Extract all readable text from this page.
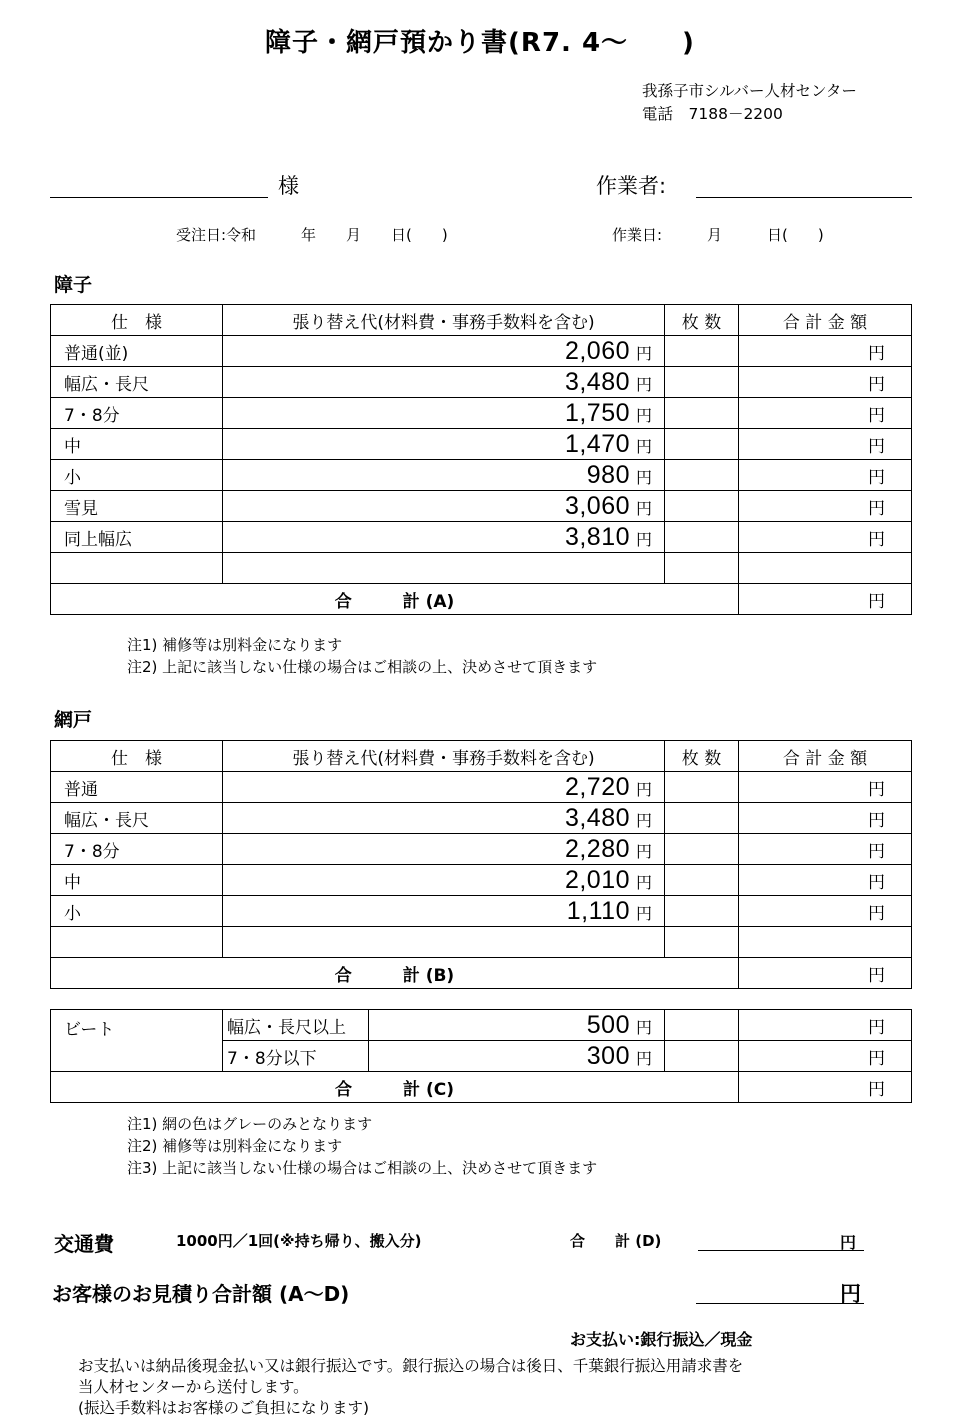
障子・網戸預かり書(R7. 4～　　)
我孫子市シルバー人材センター
電話　7188－2200
様	作業者:
受注日:令和　　　年　　月　　日(　　)	作業日:　　　月　　　日(　　)
障子
仕　様	張り替え代(材料費・事務手数料を含む)	枚 数	合 計 金 額
普通(並)	2,060 円		円
幅広・長尺	3,480 円		円
7・8分	1,750 円		円
中	1,470 円		円
小	980 円		円
雪見	3,060 円		円
同上幅広	3,810 円		円

合　　　計 (A)			円
注1) 補修等は別料金になります
注2) 上記に該当しない仕様の場合はご相談の上、決めさせて頂きます
網戸
仕　様	張り替え代(材料費・事務手数料を含む)	枚 数	合 計 金 額
普通	2,720 円		円
幅広・長尺	3,480 円		円
7・8分	2,280 円		円
中	2,010 円		円
小	1,110 円		円

合　　　計 (B)			円
ビート	幅広・長尺以上	500 円		円
	7・8分以下	300 円		円
合　　　計 (C)				円
注1) 網の色はグレーのみとなります
注2) 補修等は別料金になります
注3) 上記に該当しない仕様の場合はご相談の上、決めさせて頂きます
交通費	1000円／1回(※持ち帰り、搬入分)	合　　計 (D)	円
お客様のお見積り合計額 (A～D)	円
お支払い:銀行振込／現金
お支払いは納品後現金払い又は銀行振込です。銀行振込の場合は後日、千葉銀行振込用請求書を
当人材センターから送付します。
(振込手数料はお客様のご負担になります)
